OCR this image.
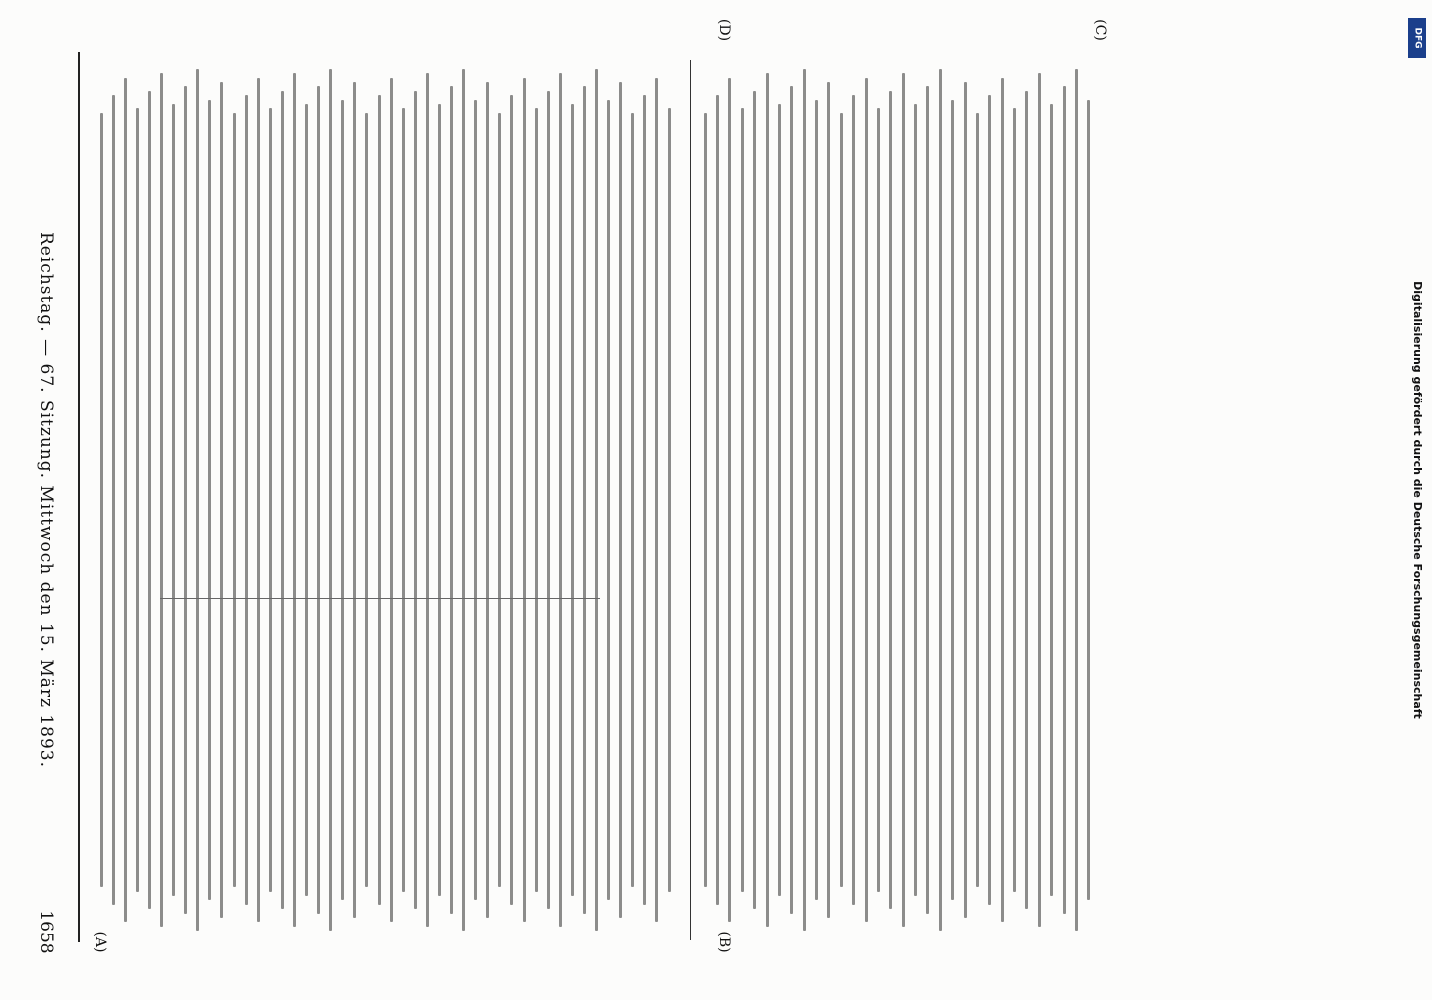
1658
Reichstag. — 67. Sitzung. Mittwoch den 15. März 1893.
(A)	(B)
(C)
(D)
Digitalisierung gefördert durch die Deutsche Forschungsgemeinschaft
DFG
